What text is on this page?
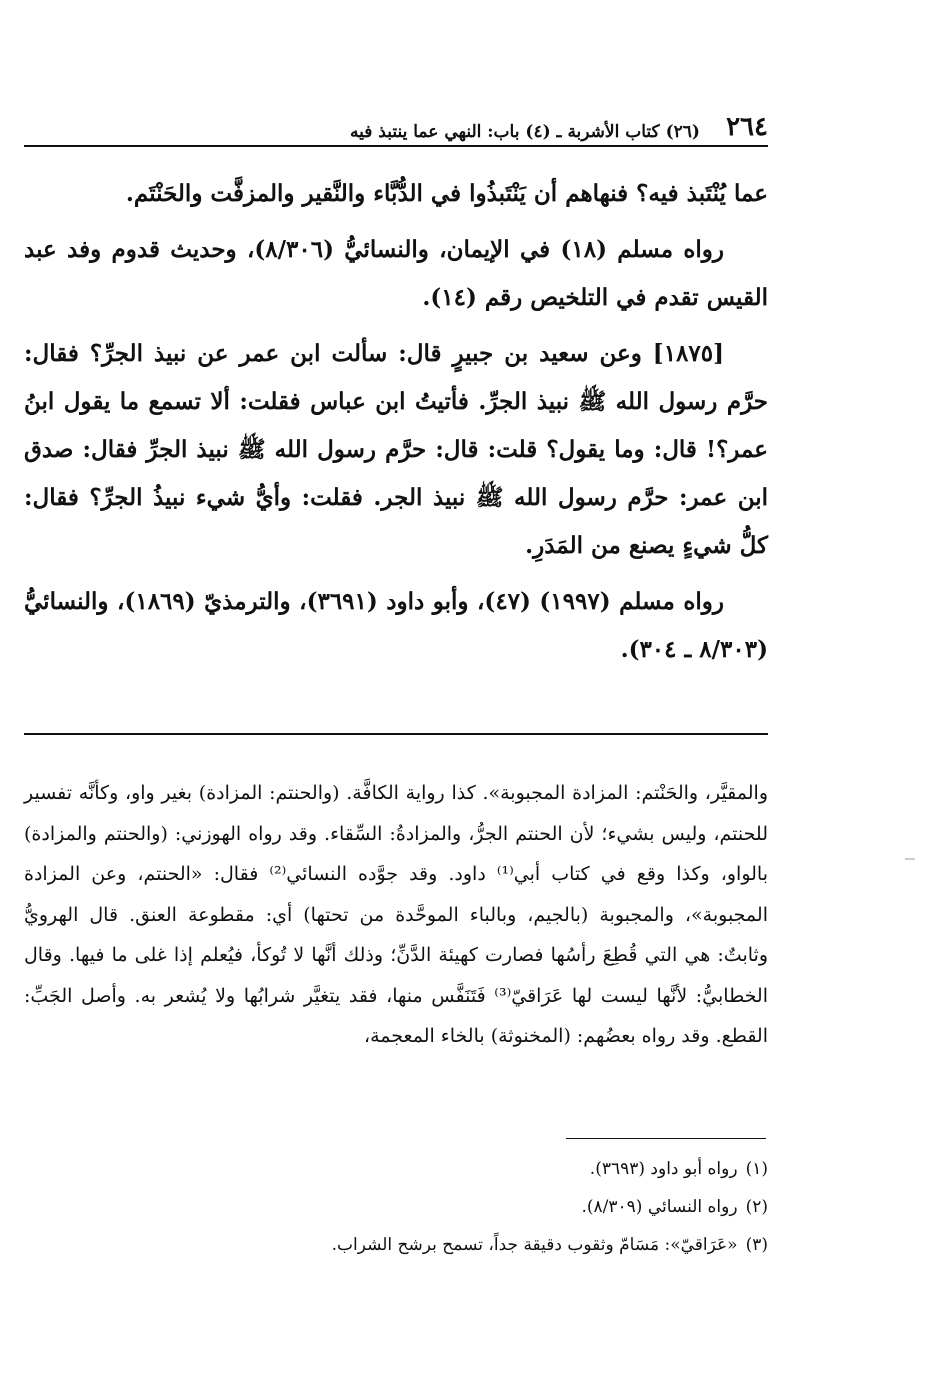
٢٦٤
(٢٦) كتاب الأشربة ـ (٤) باب: النهي عما ينتبذ فيه

عما يُنْتَبذ فيه؟ فنهاهم أن يَنْتَبذُوا في الدُّبَّاء والنَّقير والمزفَّت والحَنْتَم.

رواه مسلم (١٨) في الإيمان، والنسائيُّ (٨/٣٠٦)، وحديث قدوم وفد عبد القيس تقدم في التلخيص رقم (١٤).

[١٨٧٥] وعن سعيد بن جبيرٍ قال: سألت ابن عمر عن نبيذ الجرِّ؟ فقال: حرَّم رسول الله ﷺ نبيذ الجرِّ. فأتيتُ ابن عباس فقلت: ألا تسمع ما يقول ابنُ عمر؟! قال: وما يقول؟ قلت: قال: حرَّم رسول الله ﷺ نبيذ الجرِّ فقال: صدق ابن عمر: حرَّم رسول الله ﷺ نبيذ الجر. فقلت: وأيُّ شيء نبيذُ الجرِّ؟ فقال: كلُّ شيءٍ يصنع من المَدَرِ.

رواه مسلم (١٩٩٧) (٤٧)، وأبو داود (٣٦٩١)، والترمذيّ (١٨٦٩)، والنسائيُّ (٨/٣٠٣ ـ ٣٠٤).

والمقيَّر، والحَنْتم: المزادة المجبوبة». كذا رواية الكافَّة. (والحنتم: المزادة) بغير واو، وكأنَّه تفسير للحنتم، وليس بشيء؛ لأن الحنتم الجرُّ، والمزادةُ: السِّقاء. وقد رواه الهوزني: (والحنتم والمزادة) بالواو، وكذا وقع في كتاب أبي⁽¹⁾ داود. وقد جوَّده النسائي⁽²⁾ فقال: «الحنتم، وعن المزادة المجبوبة»، والمجبوبة (بالجيم، وبالباء الموحَّدة من تحتها) أي: مقطوعة العنق. قال الهرويُّ وثابتٌ: هي التي قُطِعَ رأسُها فصارت كهيئة الدَّنِّ؛ وذلك أنَّها لا تُوكأ، فيُعلم إذا غلى ما فيها. وقال الخطابيُّ: لأنَّها ليست لها عَرَاقيّ⁽³⁾ فَتَنَفَّس منها، فقد يتغيَّر شرابُها ولا يُشعر به. وأصل الجَبِّ: القطع. وقد رواه بعضُهم: (المخنوثة) بالخاء المعجمة،

(١)
رواه أبو داود (٣٦٩٣).
(٢)
رواه النسائي (٨/٣٠٩).
(٣)
«عَرَاقيّ»: مَسَامّ وثقوب دقيقة جداً، تسمح برشح الشراب.
